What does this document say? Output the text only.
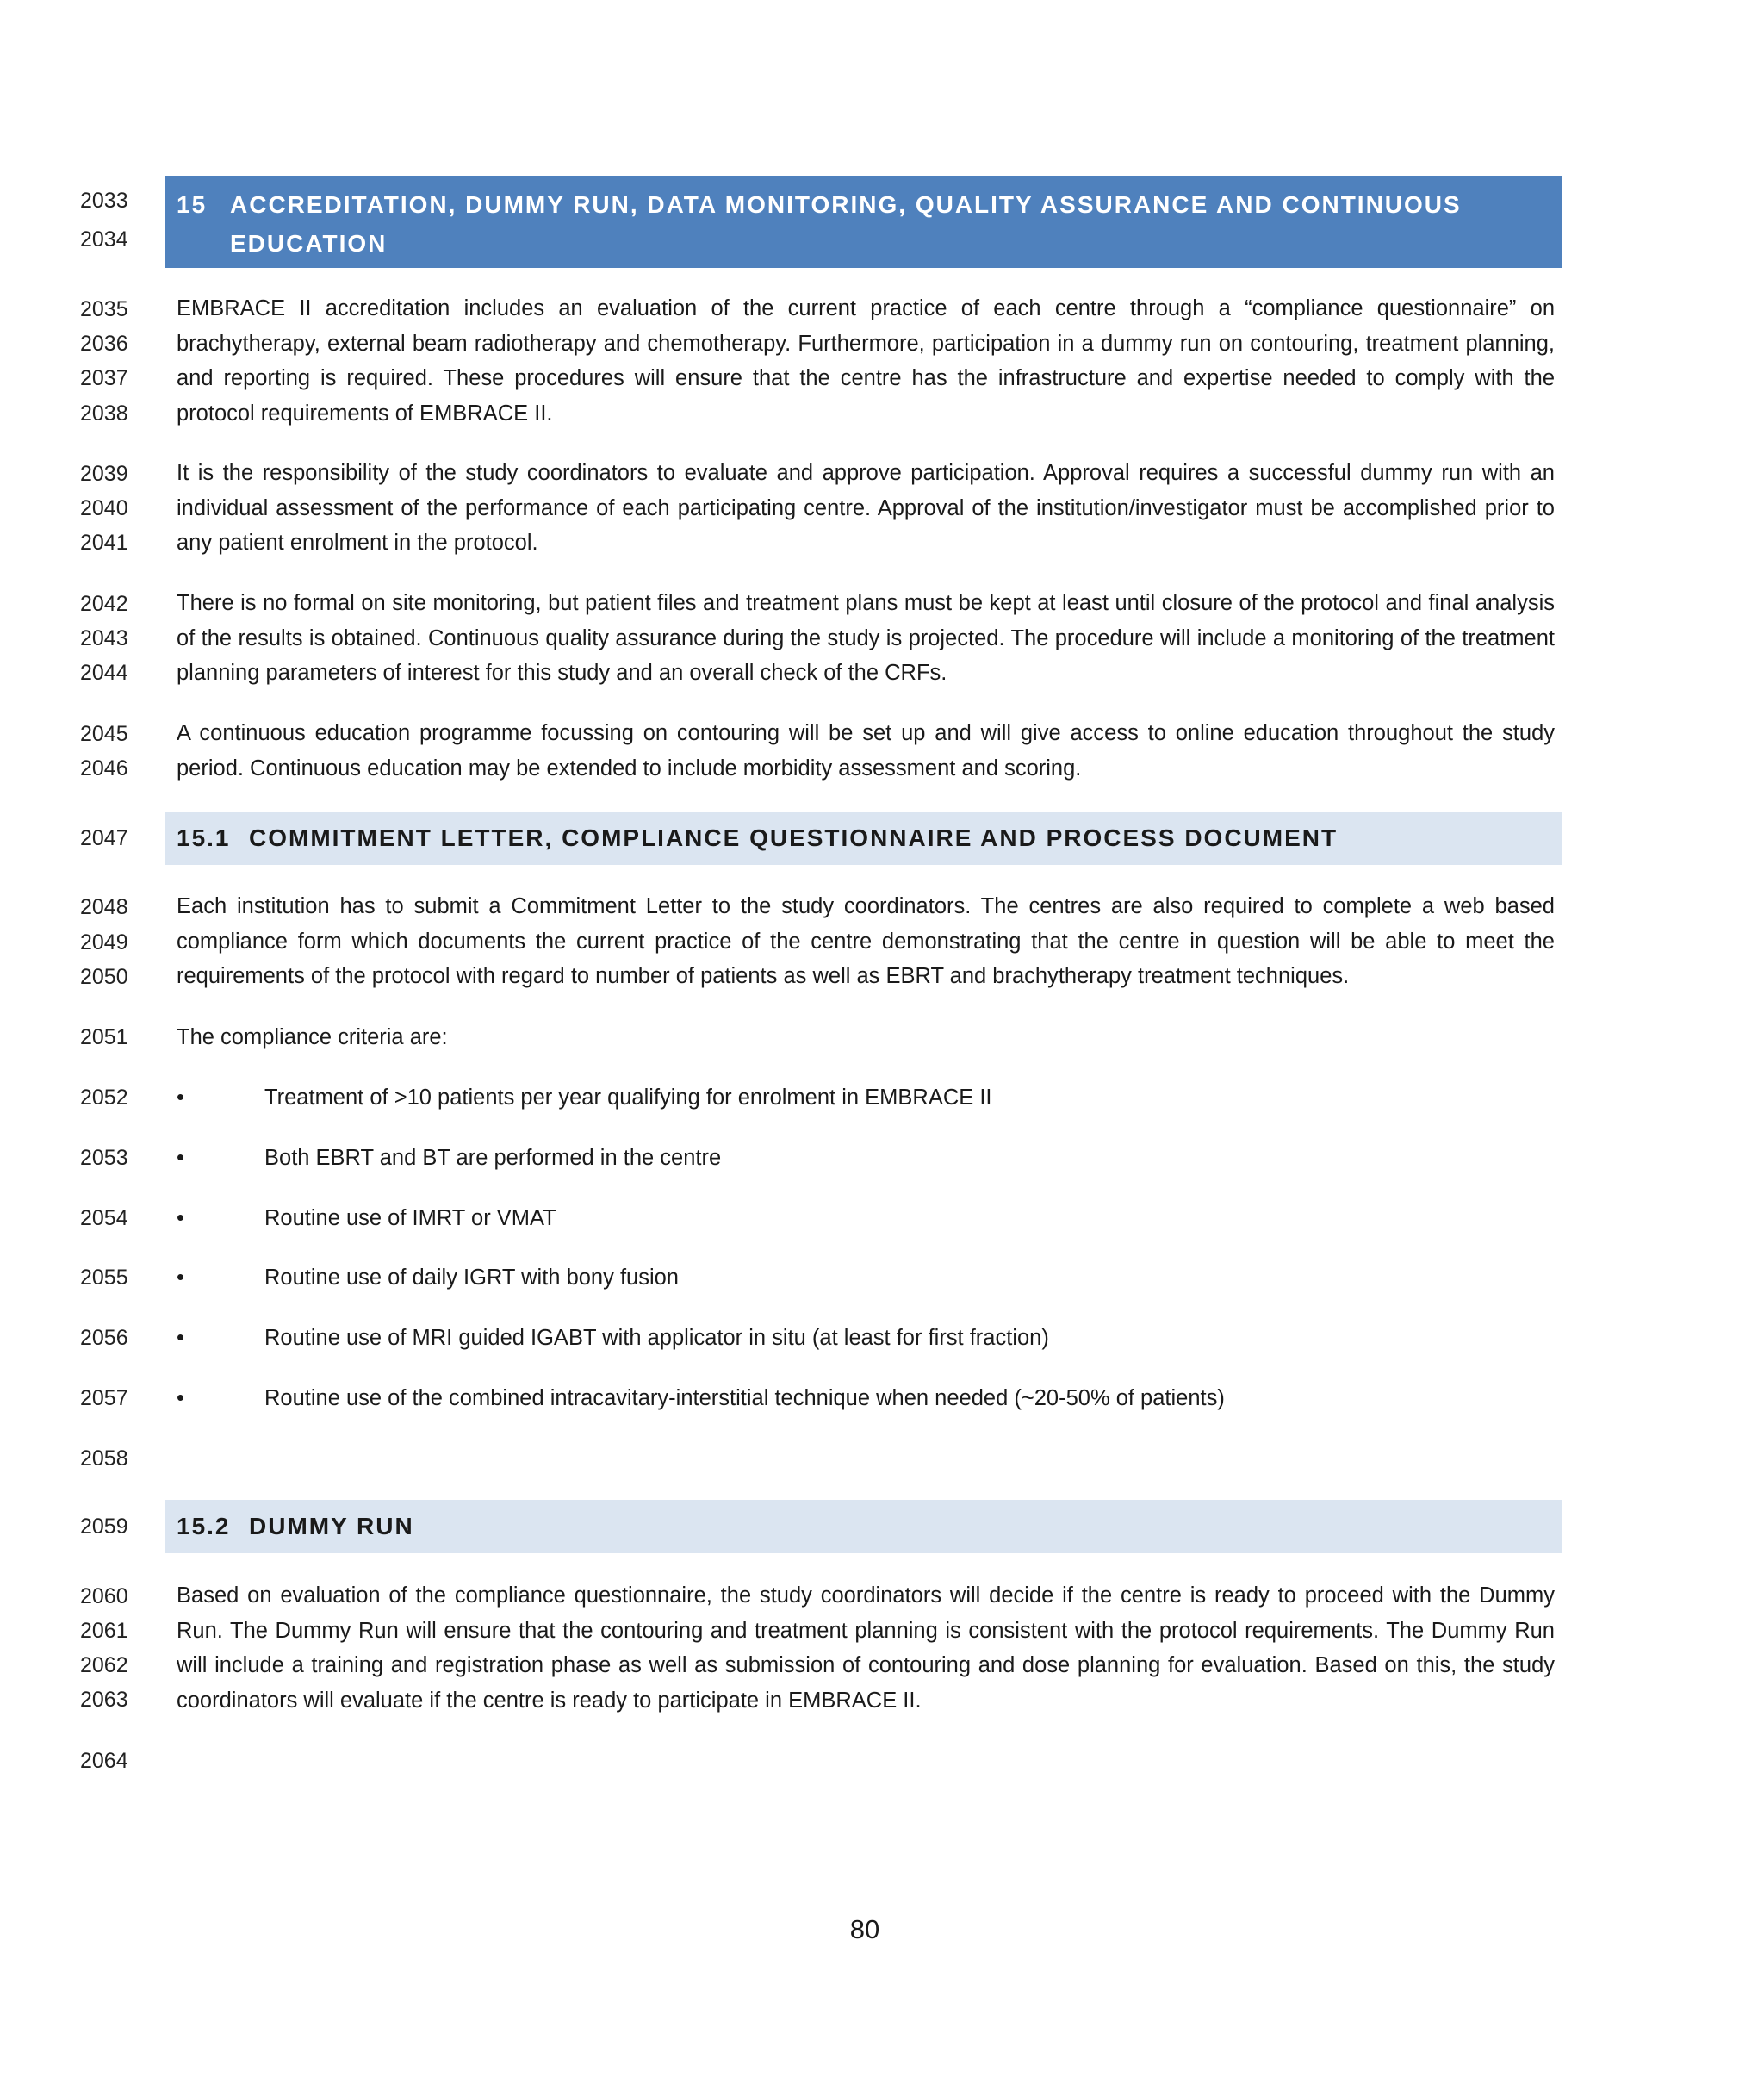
2033
2034
2035
2036
2037
2038
2039
2040
2041
2042
2043
2044
2045
2046
2047
2048
2049
2050
2051
2052
2053
2054
2055
2056
2057
2058
2059
2060
2061
2062
2063
2064
15 ACCREDITATION, DUMMY RUN, DATA MONITORING, QUALITY ASSURANCE AND CONTINUOUS
EDUCATION
EMBRACE II accreditation includes an evaluation of the current practice of each centre through a “compliance questionnaire” on brachytherapy, external beam radiotherapy and chemotherapy. Furthermore, participation in a dummy run on contouring, treatment planning, and reporting is required. These procedures will ensure that the centre has the infrastructure and expertise needed to comply with the protocol requirements of EMBRACE II.
It is the responsibility of the study coordinators to evaluate and approve participation. Approval requires a successful dummy run with an individual assessment of the performance of each participating centre. Approval of the institution/investigator must be accomplished prior to any patient enrolment in the protocol.
There is no formal on site monitoring, but patient files and treatment plans must be kept at least until closure of the protocol and final analysis of the results is obtained. Continuous quality assurance during the study is projected. The procedure will include a monitoring of the treatment planning parameters of interest for this study and an overall check of the CRFs.
A continuous education programme focussing on contouring will be set up and will give access to online education throughout the study period. Continuous education may be extended to include morbidity assessment and scoring.
15.1 COMMITMENT LETTER, COMPLIANCE QUESTIONNAIRE AND PROCESS DOCUMENT
Each institution has to submit a Commitment Letter to the study coordinators. The centres are also required to complete a web based compliance form which documents the current practice of the centre demonstrating that the centre in question will be able to meet the requirements of the protocol with regard to number of patients as well as EBRT and brachytherapy treatment techniques.
The compliance criteria are:
•	Treatment of >10 patients per year qualifying for enrolment in EMBRACE II
•	Both EBRT and BT are performed in the centre
•	Routine use of IMRT or VMAT
•	Routine use of daily IGRT with bony fusion
•	Routine use of MRI guided IGABT with applicator in situ (at least for first fraction)
•	Routine use of the combined intracavitary-interstitial technique when needed (~20-50% of patients)
15.2 DUMMY RUN
Based on evaluation of the compliance questionnaire, the study coordinators will decide if the centre is ready to proceed with the Dummy Run. The Dummy Run will ensure that the contouring and treatment planning is consistent with the protocol requirements. The Dummy Run will include a training and registration phase as well as submission of contouring and dose planning for evaluation. Based on this, the study coordinators will evaluate if the centre is ready to participate in EMBRACE II.
80
